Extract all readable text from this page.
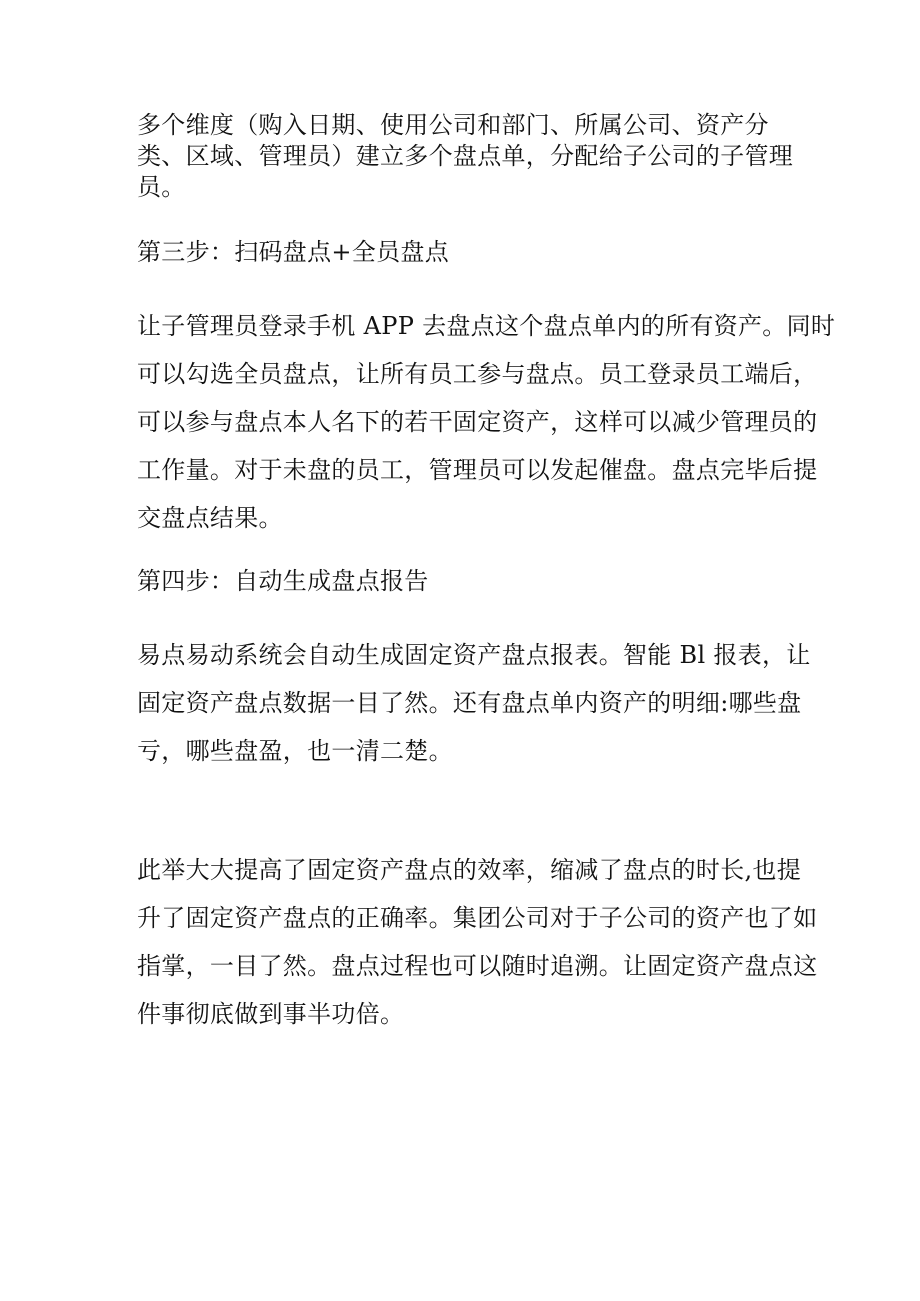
多个维度（购入日期、使用公司和部门、所属公司、资产分
类、区域、管理员）建立多个盘点单，分配给子公司的子管理
员。

第三步：扫码盘点+全员盘点

让子管理员登录手机 APP 去盘点这个盘点单内的所有资产。同时
可以勾选全员盘点，让所有员工参与盘点。员工登录员工端后，
可以参与盘点本人名下的若干固定资产，这样可以减少管理员的
工作量。对于未盘的员工，管理员可以发起催盘。盘点完毕后提
交盘点结果。

第四步：自动生成盘点报告

易点易动系统会自动生成固定资产盘点报表。智能 Bl 报表，让
固定资产盘点数据一目了然。还有盘点单内资产的明细:哪些盘
亏，哪些盘盈，也一清二楚。

此举大大提高了固定资产盘点的效率，缩减了盘点的时长,也提
升了固定资产盘点的正确率。集团公司对于子公司的资产也了如
指掌，一目了然。盘点过程也可以随时追溯。让固定资产盘点这
件事彻底做到事半功倍。
